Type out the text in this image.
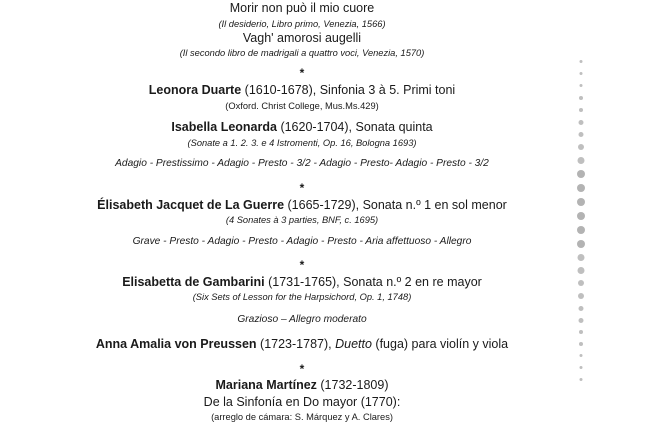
Morir non può il mio cuore
(Il desiderio, Libro primo, Venezia, 1566)
Vagh' amorosi augelli
(Il secondo libro de madrigali a quattro voci, Venezia, 1570)
*
Leonora Duarte (1610-1678), Sinfonia 3 à 5. Primi toni
(Oxford. Christ College, Mus.Ms.429)
Isabella Leonarda (1620-1704), Sonata quinta
(Sonate a 1. 2. 3. e 4 Istromenti, Op. 16, Bologna 1693)
Adagio - Prestissimo - Adagio - Presto - 3/2 - Adagio - Presto- Adagio - Presto - 3/2
*
Élisabeth Jacquet de La Guerre (1665-1729), Sonata n.º 1 en sol menor
(4 Sonates à 3 parties, BNF, c. 1695)
Grave - Presto - Adagio - Presto - Adagio - Presto - Aria affettuoso - Allegro
*
Elisabetta de Gambarini (1731-1765), Sonata n.º 2 en re mayor
(Six Sets of Lesson for the Harpsichord, Op. 1, 1748)
Grazioso – Allegro moderato
Anna Amalia von Preussen (1723-1787), Duetto (fuga) para violín y viola
*
Mariana Martínez (1732-1809)
De la Sinfonía en Do mayor (1770):
(arreglo de cámara: S. Márquez y A. Clares)
